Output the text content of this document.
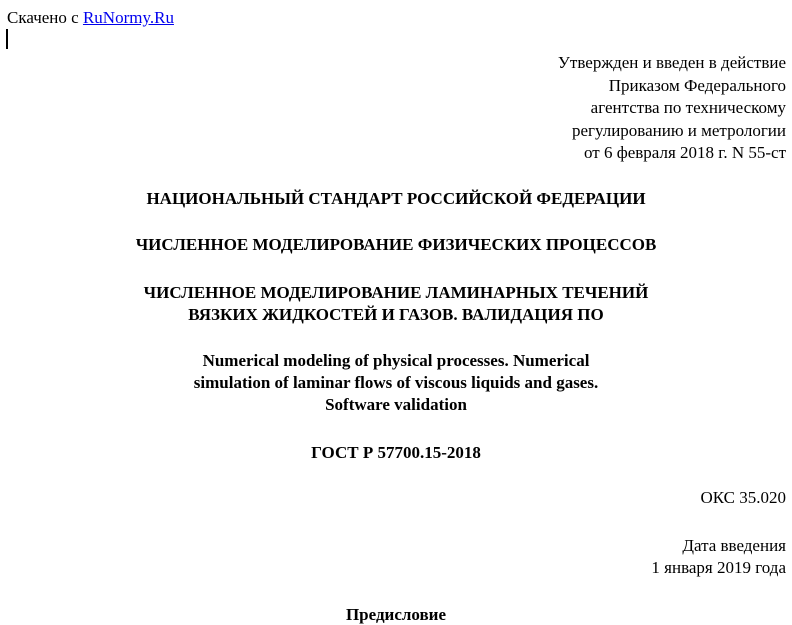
Скачено с RuNormy.Ru
Утвержден и введен в действие
Приказом Федерального
агентства по техническому
регулированию и метрологии
от 6 февраля 2018 г. N 55-ст
НАЦИОНАЛЬНЫЙ СТАНДАРТ РОССИЙСКОЙ ФЕДЕРАЦИИ
ЧИСЛЕННОЕ МОДЕЛИРОВАНИЕ ФИЗИЧЕСКИХ ПРОЦЕССОВ
ЧИСЛЕННОЕ МОДЕЛИРОВАНИЕ ЛАМИНАРНЫХ ТЕЧЕНИЙ
ВЯЗКИХ ЖИДКОСТЕЙ И ГАЗОВ. ВАЛИДАЦИЯ ПО
Numerical modeling of physical processes. Numerical
simulation of laminar flows of viscous liquids and gases.
Software validation
ГОСТ Р 57700.15-2018
ОКС 35.020
Дата введения
1 января 2019 года
Предисловие
